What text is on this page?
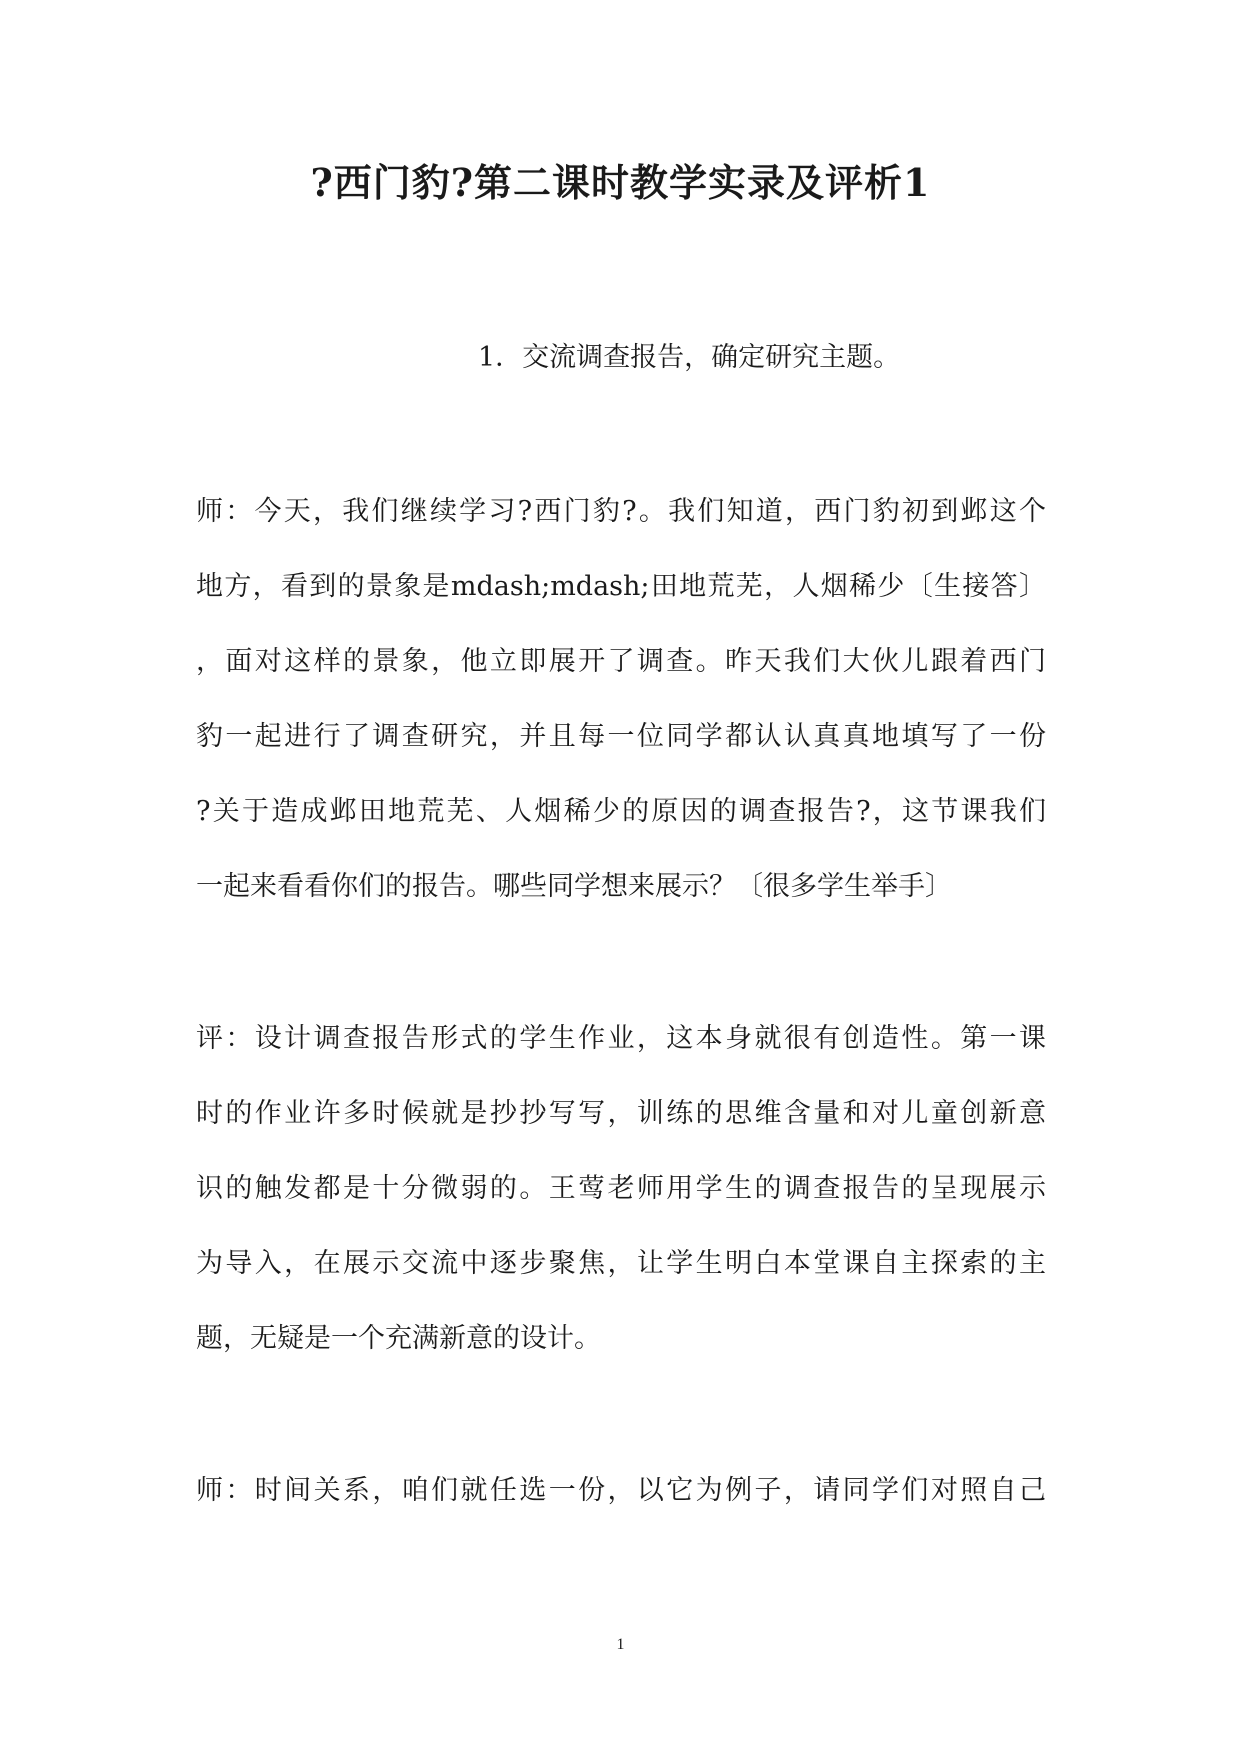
?西门豹?第二课时教学实录及评析1

1．交流调查报告，确定研究主题。

师：今天，我们继续学习?西门豹?。我们知道，西门豹初到邺这个
地方，看到的景象是mdash;mdash;田地荒芜，人烟稀少〔生接答〕
，面对这样的景象，他立即展开了调查。昨天我们大伙儿跟着西门
豹一起进行了调查研究，并且每一位同学都认认真真地填写了一份
?关于造成邺田地荒芜、人烟稀少的原因的调查报告?，这节课我们
一起来看看你们的报告。哪些同学想来展示？〔很多学生举手〕
评：设计调查报告形式的学生作业，这本身就很有创造性。第一课
时的作业许多时候就是抄抄写写，训练的思维含量和对儿童创新意
识的触发都是十分微弱的。王莺老师用学生的调查报告的呈现展示
为导入，在展示交流中逐步聚焦，让学生明白本堂课自主探索的主
题，无疑是一个充满新意的设计。
师：时间关系，咱们就任选一份，以它为例子，请同学们对照自己
1
